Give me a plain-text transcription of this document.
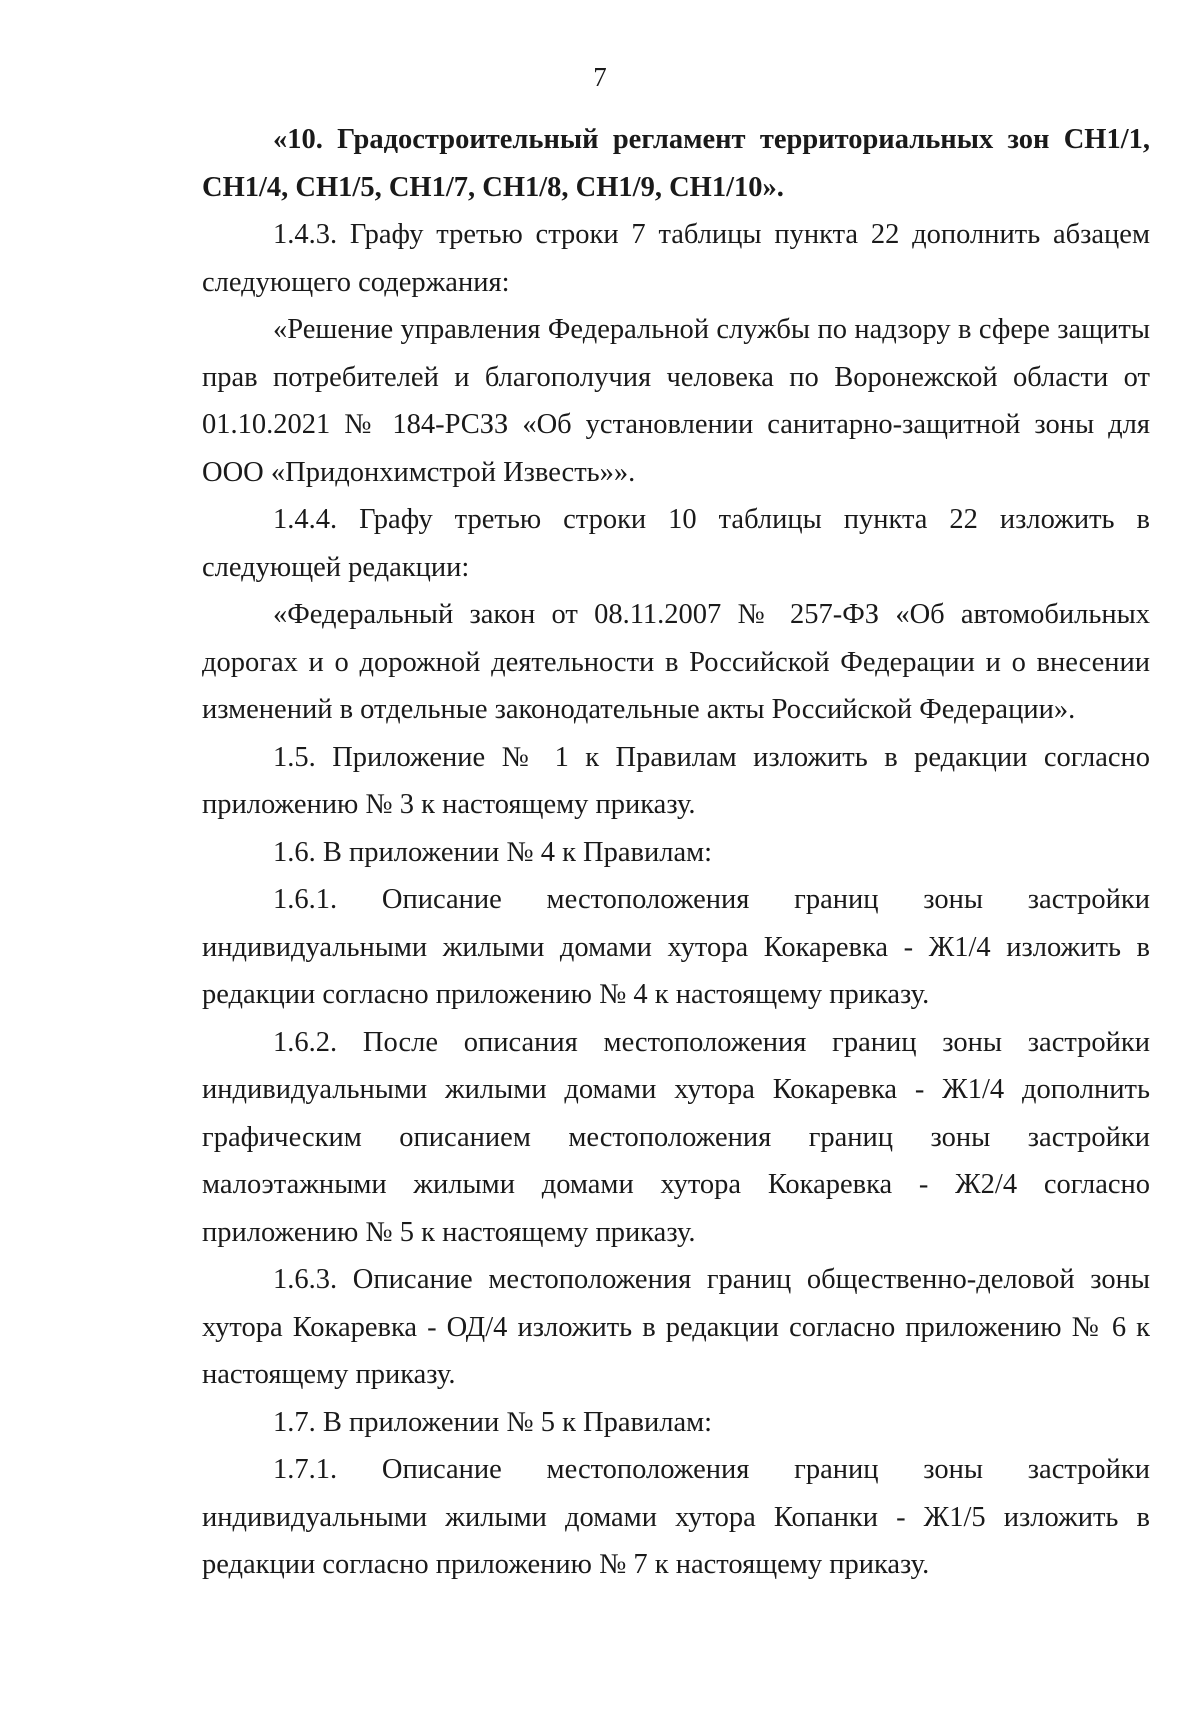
7

«10. Градостроительный регламент территориальных зон СН1/1, СН1/4, СН1/5, СН1/7, СН1/8, СН1/9, СН1/10».

1.4.3. Графу третью строки 7 таблицы пункта 22 дополнить абзацем следующего содержания:

«Решение управления Федеральной службы по надзору в сфере защиты прав потребителей и благополучия человека по Воронежской области от 01.10.2021 № 184-РСЗЗ «Об установлении санитарно-защитной зоны для ООО «Придонхимстрой Известь»».

1.4.4. Графу третью строки 10 таблицы пункта 22 изложить в следующей редакции:

«Федеральный закон от 08.11.2007 № 257-ФЗ «Об автомобильных дорогах и о дорожной деятельности в Российской Федерации и о внесении изменений в отдельные законодательные акты Российской Федерации».

1.5. Приложение № 1 к Правилам изложить в редакции согласно приложению № 3 к настоящему приказу.

1.6. В приложении № 4 к Правилам:

1.6.1. Описание местоположения границ зоны застройки индивидуальными жилыми домами хутора Кокаревка - Ж1/4 изложить в редакции согласно приложению № 4 к настоящему приказу.

1.6.2. После описания местоположения границ зоны застройки индивидуальными жилыми домами хутора Кокаревка - Ж1/4 дополнить графическим описанием местоположения границ зоны застройки малоэтажными жилыми домами хутора Кокаревка - Ж2/4 согласно приложению № 5 к настоящему приказу.

1.6.3. Описание местоположения границ общественно-деловой зоны хутора Кокаревка - ОД/4 изложить в редакции согласно приложению № 6 к настоящему приказу.

1.7. В приложении № 5 к Правилам:

1.7.1. Описание местоположения границ зоны застройки индивидуальными жилыми домами хутора Копанки - Ж1/5 изложить в редакции согласно приложению № 7 к настоящему приказу.
